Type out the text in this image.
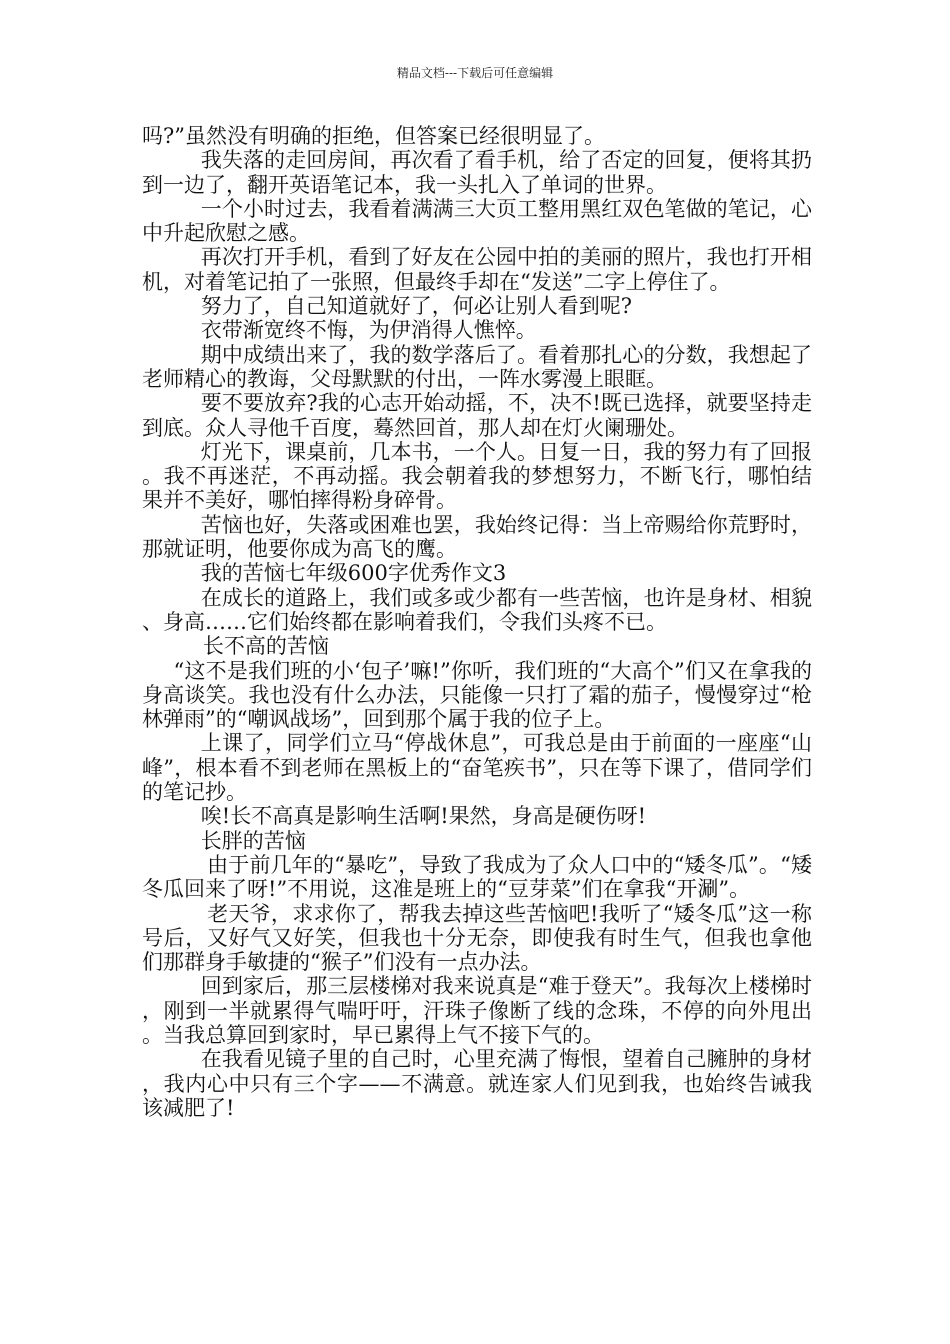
精品文档---下载后可任意编辑

吗?”虽然没有明确的拒绝，但答案已经很明显了。

我失落的走回房间，再次看了看手机，给了否定的回复，便将其扔到一边了，翻开英语笔记本，我一头扎入了单词的世界。

一个小时过去，我看着满满三大页工整用黑红双色笔做的笔记，心中升起欣慰之感。

再次打开手机，看到了好友在公园中拍的美丽的照片，我也打开相机，对着笔记拍了一张照，但最终手却在“发送”二字上停住了。

努力了，自己知道就好了，何必让别人看到呢?

衣带渐宽终不悔，为伊消得人憔悴。

期中成绩出来了，我的数学落后了。看着那扎心的分数，我想起了老师精心的教诲，父母默默的付出，一阵水雾漫上眼眶。

要不要放弃?我的心志开始动摇，不，决不!既已选择，就要坚持走到底。众人寻他千百度，蓦然回首，那人却在灯火阑珊处。

灯光下，课桌前，几本书，一个人。日复一日，我的努力有了回报。我不再迷茫，不再动摇。我会朝着我的梦想努力，不断飞行，哪怕结果并不美好，哪怕摔得粉身碎骨。

苦恼也好，失落或困难也罢，我始终记得：当上帝赐给你荒野时，那就证明，他要你成为高飞的鹰。

我的苦恼七年级600字优秀作文3

在成长的道路上，我们或多或少都有一些苦恼，也许是身材、相貌、身高……它们始终都在影响着我们，令我们头疼不已。

长不高的苦恼

“这不是我们班的小‘包子’嘛!”你听，我们班的“大高个”们又在拿我的身高谈笑。我也没有什么办法，只能像一只打了霜的茄子，慢慢穿过“枪林弹雨”的“嘲讽战场”，回到那个属于我的位子上。

上课了，同学们立马“停战休息”，可我总是由于前面的一座座“山峰”，根本看不到老师在黑板上的“奋笔疾书”，只在等下课了，借同学们的笔记抄。

唉!长不高真是影响生活啊!果然，身高是硬伤呀!

长胖的苦恼

由于前几年的“暴吃”，导致了我成为了众人口中的“矮冬瓜”。“矮冬瓜回来了呀!”不用说，这准是班上的“豆芽菜”们在拿我“开涮”。

老天爷，求求你了，帮我去掉这些苦恼吧!我听了“矮冬瓜”这一称号后，又好气又好笑，但我也十分无奈，即使我有时生气，但我也拿他们那群身手敏捷的“猴子”们没有一点办法。

回到家后，那三层楼梯对我来说真是“难于登天”。我每次上楼梯时，刚到一半就累得气喘吁吁，汗珠子像断了线的念珠，不停的向外甩出。当我总算回到家时，早已累得上气不接下气的。

在我看见镜子里的自己时，心里充满了悔恨，望着自己臃肿的身材，我内心中只有三个字——不满意。就连家人们见到我，也始终告诫我该减肥了!
